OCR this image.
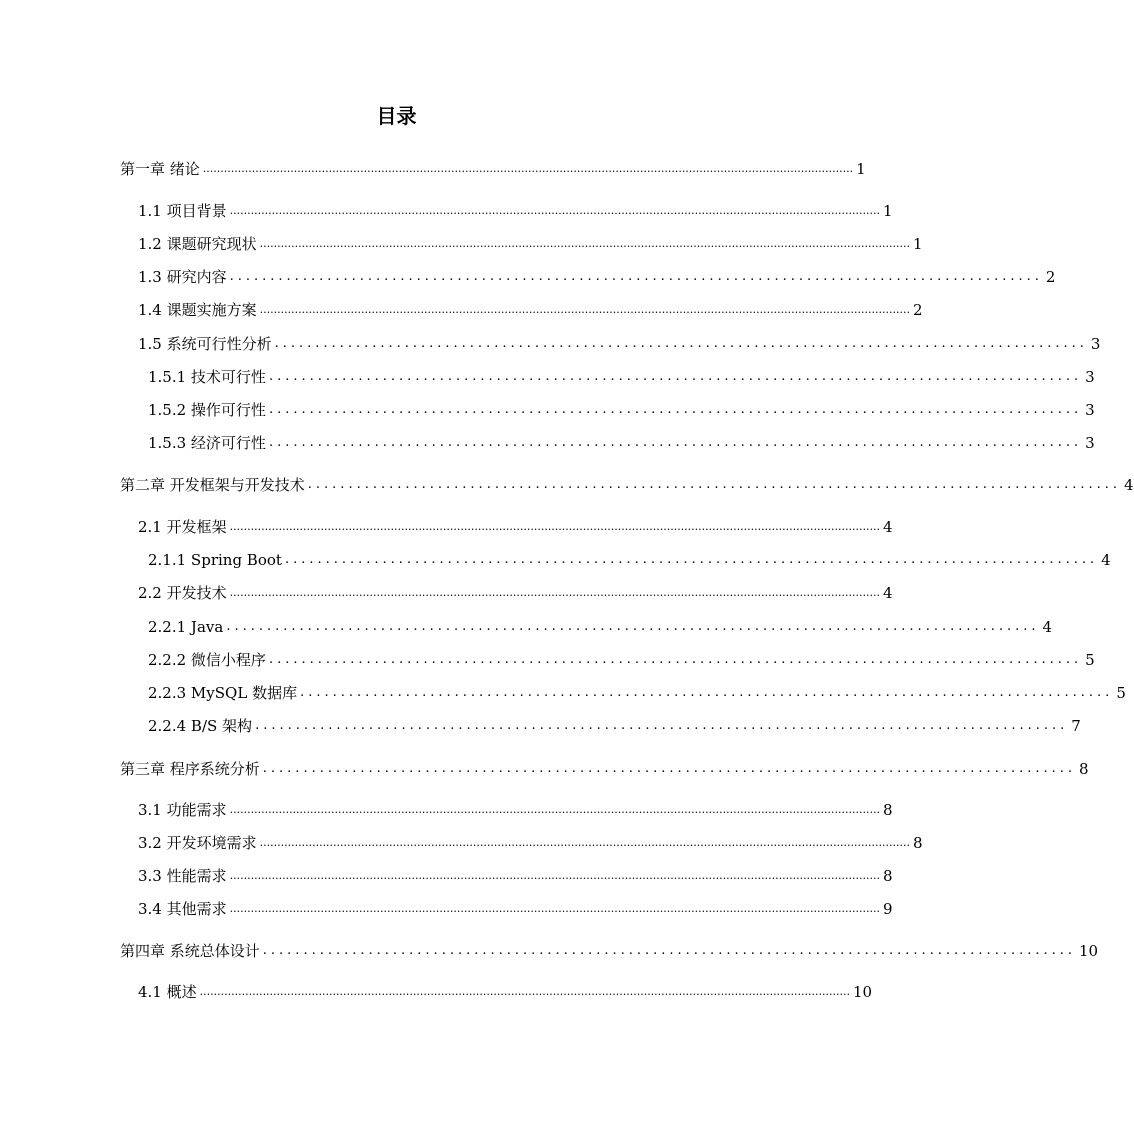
目录
第一章 绪论 .......................................................................................................................................................................................... 1
1.1 项目背景 .......................................................................................................................................................................................... 1
1.2 课题研究现状 .......................................................................................................................................................................................... 1
1.3 研究内容 .................................................................................................... 2
1.4 课题实施方案 .......................................................................................................................................................................................... 2
1.5 系统可行性分析 .................................................................................................... 3
1.5.1 技术可行性 .................................................................................................... 3
1.5.2 操作可行性 .................................................................................................... 3
1.5.3 经济可行性 .................................................................................................... 3
第二章 开发框架与开发技术 .................................................................................................... 4
2.1 开发框架 .......................................................................................................................................................................................... 4
2.1.1 Spring Boot .................................................................................................... 4
2.2 开发技术 .......................................................................................................................................................................................... 4
2.2.1 Java .................................................................................................... 4
2.2.2 微信小程序 .................................................................................................... 5
2.2.3 MySQL 数据库 .................................................................................................... 5
2.2.4 B/S 架构 .................................................................................................... 7
第三章 程序系统分析 .................................................................................................... 8
3.1 功能需求 .......................................................................................................................................................................................... 8
3.2 开发环境需求 .......................................................................................................................................................................................... 8
3.3 性能需求 .......................................................................................................................................................................................... 8
3.4 其他需求 .......................................................................................................................................................................................... 9
第四章 系统总体设计 .................................................................................................... 10
4.1 概述 .......................................................................................................................................................................................... 10
